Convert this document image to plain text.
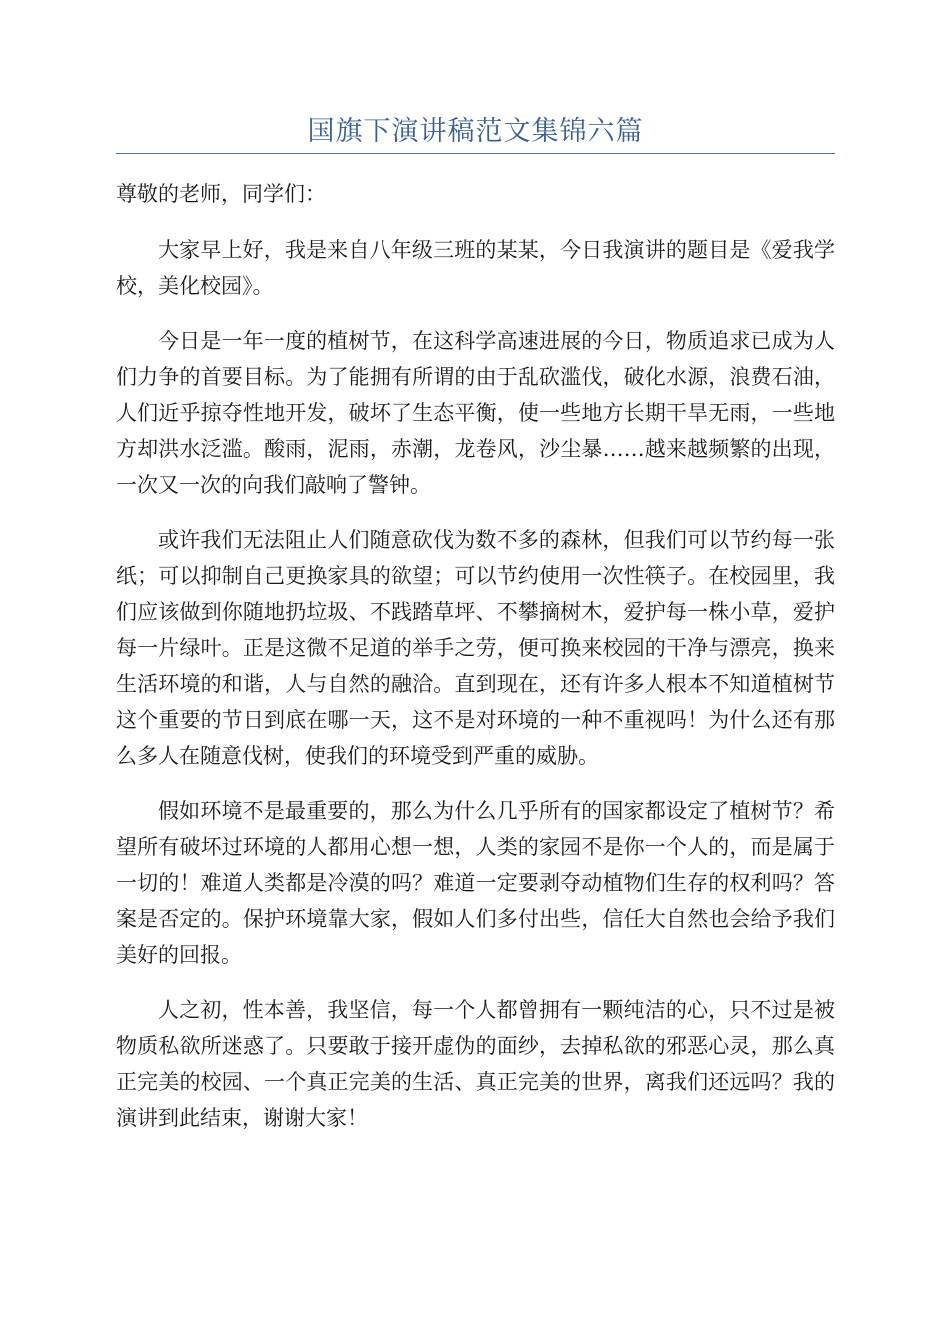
国旗下演讲稿范文集锦六篇

尊敬的老师，同学们：

大家早上好，我是来自八年级三班的某某，今日我演讲的题目是《爱我学校，美化校园》。

今日是一年一度的植树节，在这科学高速进展的今日，物质追求已成为人们力争的首要目标。为了能拥有所谓的由于乱砍滥伐，破化水源，浪费石油，人们近乎掠夺性地开发，破坏了生态平衡，使一些地方长期干旱无雨，一些地方却洪水泛滥。酸雨，泥雨，赤潮，龙卷风，沙尘暴……越来越频繁的出现，一次又一次的向我们敲响了警钟。

或许我们无法阻止人们随意砍伐为数不多的森林，但我们可以节约每一张纸；可以抑制自己更换家具的欲望；可以节约使用一次性筷子。在校园里，我们应该做到你随地扔垃圾、不践踏草坪、不攀摘树木，爱护每一株小草，爱护每一片绿叶。正是这微不足道的举手之劳，便可换来校园的干净与漂亮，换来生活环境的和谐，人与自然的融洽。直到现在，还有许多人根本不知道植树节这个重要的节日到底在哪一天，这不是对环境的一种不重视吗！为什么还有那么多人在随意伐树，使我们的环境受到严重的威胁。

假如环境不是最重要的，那么为什么几乎所有的国家都设定了植树节？希望所有破坏过环境的人都用心想一想，人类的家园不是你一个人的，而是属于一切的！难道人类都是冷漠的吗？难道一定要剥夺动植物们生存的权利吗？答案是否定的。保护环境靠大家，假如人们多付出些，信任大自然也会给予我们美好的回报。

人之初，性本善，我坚信，每一个人都曾拥有一颗纯洁的心，只不过是被物质私欲所迷惑了。只要敢于接开虚伪的面纱，去掉私欲的邪恶心灵，那么真正完美的校园、一个真正完美的生活、真正完美的世界，离我们还远吗？我的演讲到此结束，谢谢大家！
